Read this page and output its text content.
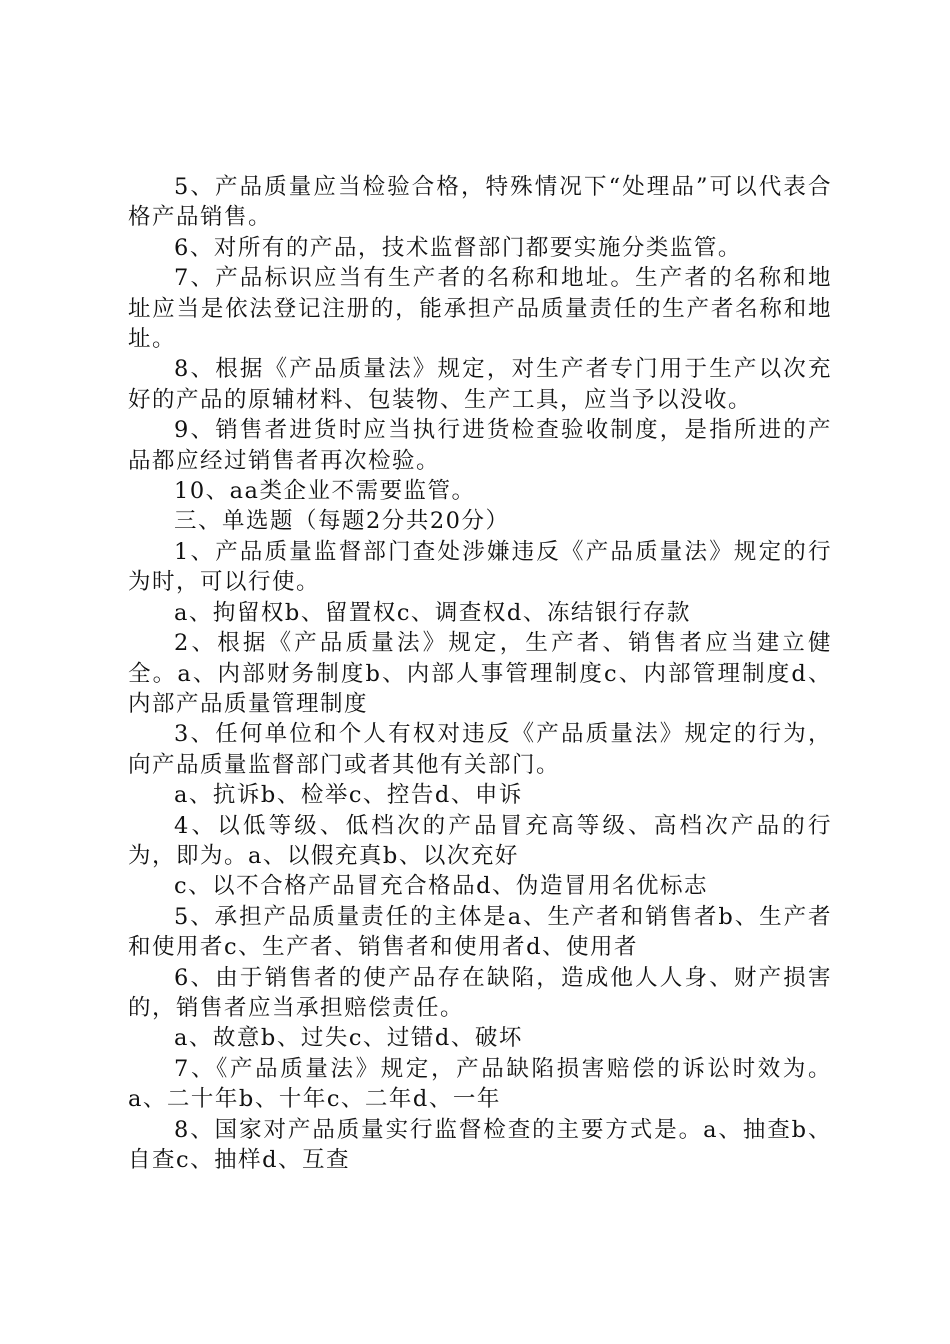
5、产品质量应当检验合格，特殊情况下“处理品”可以代表合格产品销售。

6、对所有的产品，技术监督部门都要实施分类监管。

7、产品标识应当有生产者的名称和地址。生产者的名称和地址应当是依法登记注册的，能承担产品质量责任的生产者名称和地址。

8、根据《产品质量法》规定，对生产者专门用于生产以次充好的产品的原辅材料、包装物、生产工具，应当予以没收。

9、销售者进货时应当执行进货检查验收制度，是指所进的产品都应经过销售者再次检验。

10、aa类企业不需要监管。

三、单选题（每题2分共20分）

1、产品质量监督部门查处涉嫌违反《产品质量法》规定的行为时，可以行使。

a、拘留权b、留置权c、调查权d、冻结银行存款

2、根据《产品质量法》规定，生产者、销售者应当建立健全。a、内部财务制度b、内部人事管理制度c、内部管理制度d、内部产品质量管理制度

3、任何单位和个人有权对违反《产品质量法》规定的行为，向产品质量监督部门或者其他有关部门。

a、抗诉b、检举c、控告d、申诉

4、以低等级、低档次的产品冒充高等级、高档次产品的行为，即为。a、以假充真b、以次充好

c、以不合格产品冒充合格品d、伪造冒用名优标志

5、承担产品质量责任的主体是a、生产者和销售者b、生产者和使用者c、生产者、销售者和使用者d、使用者

6、由于销售者的使产品存在缺陷，造成他人人身、财产损害的，销售者应当承担赔偿责任。

a、故意b、过失c、过错d、破坏

7、《产品质量法》规定，产品缺陷损害赔偿的诉讼时效为。a、二十年b、十年c、二年d、一年

8、国家对产品质量实行监督检查的主要方式是。a、抽查b、自查c、抽样d、互查
